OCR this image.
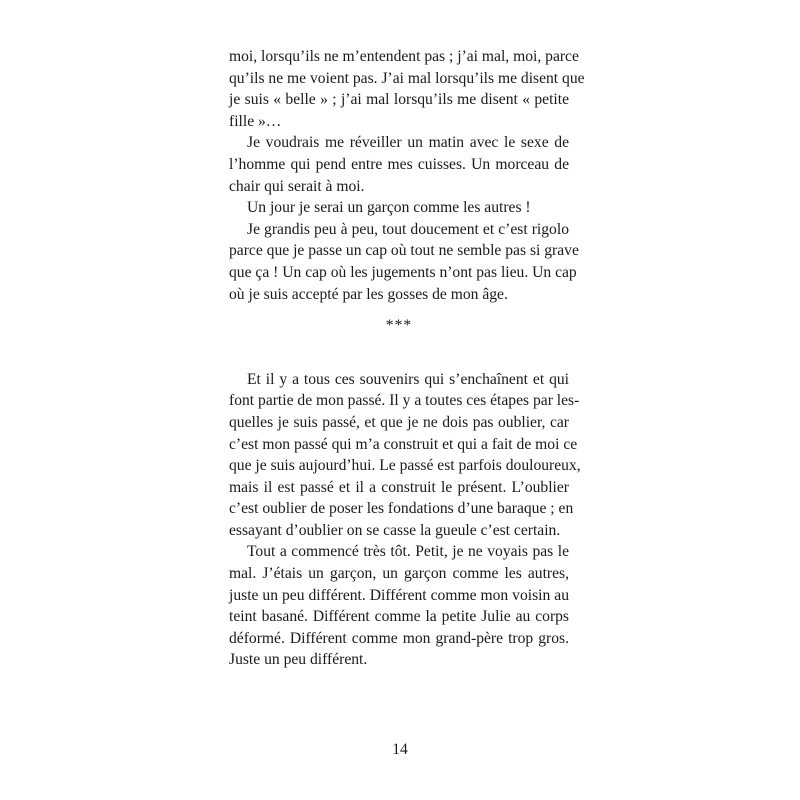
moi, lorsqu’ils ne m’entendent pas ; j’ai mal, moi, parce
qu’ils ne me voient pas. J’ai mal lorsqu’ils me disent que
je suis « belle » ; j’ai mal lorsqu’ils me disent « petite
fille »…
Je voudrais me réveiller un matin avec le sexe de
l’homme qui pend entre mes cuisses. Un morceau de
chair qui serait à moi.
Un jour je serai un garçon comme les autres !
Je grandis peu à peu, tout doucement et c’est rigolo
parce que je passe un cap où tout ne semble pas si grave
que ça ! Un cap où les jugements n’ont pas lieu. Un cap
où je suis accepté par les gosses de mon âge.
***
Et il y a tous ces souvenirs qui s’enchaînent et qui
font partie de mon passé. Il y a toutes ces étapes par les-
quelles je suis passé, et que je ne dois pas oublier, car
c’est mon passé qui m’a construit et qui a fait de moi ce
que je suis aujourd’hui. Le passé est parfois douloureux,
mais il est passé et il a construit le présent. L’oublier
c’est oublier de poser les fondations d’une baraque ; en
essayant d’oublier on se casse la gueule c’est certain.
Tout a commencé très tôt. Petit, je ne voyais pas le
mal. J’étais un garçon, un garçon comme les autres,
juste un peu différent. Différent comme mon voisin au
teint basané. Différent comme la petite Julie au corps
déformé. Différent comme mon grand-père trop gros.
Juste un peu différent.
14
